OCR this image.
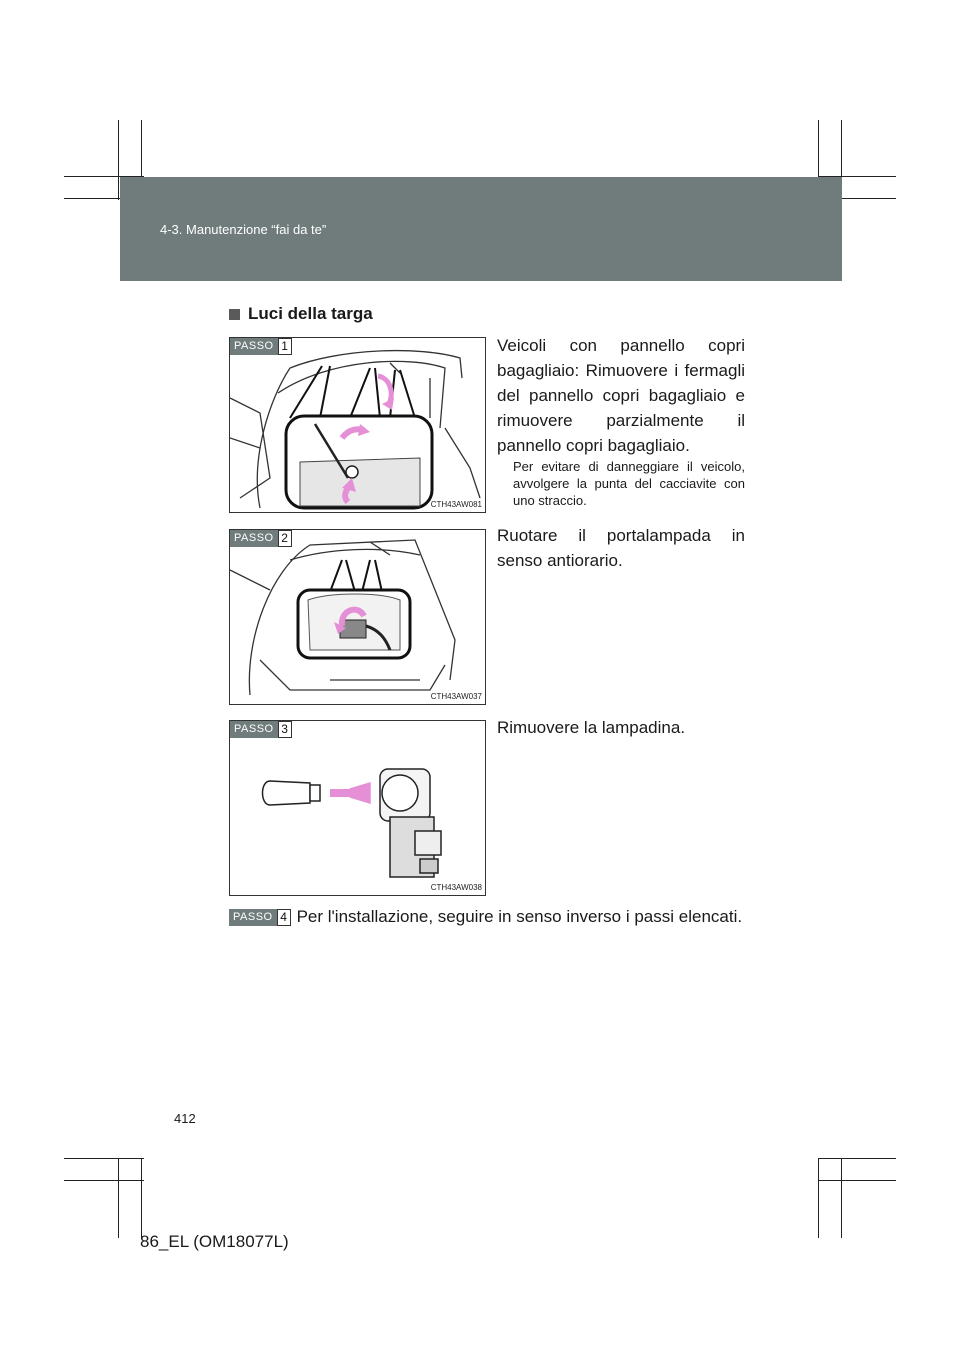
4-3. Manutenzione “fai da te”
Luci della targa
PASSO 1
CTH43AW081
Veicoli con pannello copri bagagliaio: Rimuovere i fermagli del pannello copri bagagliaio e rimuovere parzialmente il pannello copri bagagliaio.
Per evitare di danneggiare il veicolo, avvolgere la punta del cacciavite con uno straccio.
PASSO 2
CTH43AW037
Ruotare il portalampada in senso antiorario.
PASSO 3
CTH43AW038
Rimuovere la lampadina.
PASSO 4 Per l'installazione, seguire in senso inverso i passi elencati.
412
86_EL (OM18077L)
